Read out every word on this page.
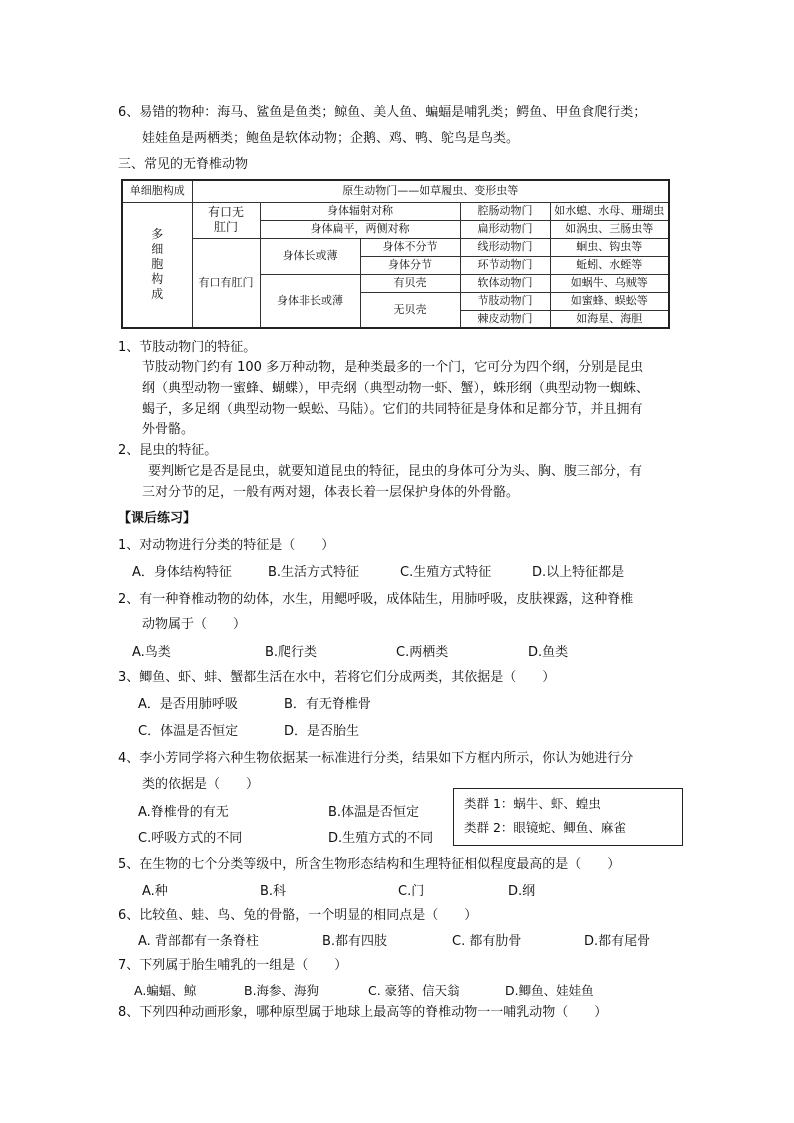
6、易错的物种：海马、鲨鱼是鱼类；鲸鱼、美人鱼、蝙蝠是哺乳类；鳄鱼、甲鱼食爬行类；
娃娃鱼是两栖类；鲍鱼是软体动物；企鹅、鸡、鸭、鸵鸟是鸟类。
三、常见的无脊椎动物
单细胞构成	原生动物门——如草履虫、变形虫等				
多细胞构成	有口无肛门	身体辐射对称		腔肠动物门	如水螅、水母、珊瑚虫
		身体扁平，两侧对称		扁形动物门	如涡虫、三肠虫等
	有口有肛门	身体长或薄	身体不分节	线形动物门	蛔虫、钩虫等
			身体分节	环节动物门	蚯蚓、水蛭等
		身体非长或薄	有贝壳	软体动物门	如蜗牛、乌贼等
			无贝壳	节肢动物门	如蜜蜂、蜈蚣等
				棘皮动物门	如海星、海胆
1、节肢动物门的特征。
节肢动物门约有 100 多万种动物，是种类最多的一个门，它可分为四个纲，分别是昆虫
纲（典型动物一蜜蜂、蝴蝶），甲壳纲（典型动物一虾、蟹），蛛形纲（典型动物一蜘蛛、
蝎子，多足纲（典型动物一蜈蚣、马陆）。它们的共同特征是身体和足都分节，并且拥有
外骨骼。
2、昆虫的特征。
要判断它是否是昆虫，就要知道昆虫的特征，昆虫的身体可分为头、胸、腹三部分，有
三对分节的足，一般有两对翅，体表长着一层保护身体的外骨骼。
【课后练习】
1、对动物进行分类的特征是（　　）
A．身体结构特征	B.生活方式特征	C.生殖方式特征	D.以上特征都是
2、有一种脊椎动物的幼体，水生，用鳃呼吸，成体陆生，用肺呼吸，皮肤裸露，这种脊椎
动物属于（　　）
A.鸟类	B.爬行类	C.两栖类	D.鱼类
3、鲫鱼、虾、蚌、蟹都生活在水中，若将它们分成两类，其依据是（　　）
A．是否用肺呼吸	B．有无脊椎骨
C．体温是否恒定	D．是否胎生
4、李小芳同学将六种生物依据某一标准进行分类，结果如下方框内所示，你认为她进行分
类的依据是（　　）
A.脊椎骨的有无	B.体温是否恒定
C.呼吸方式的不同	D.生殖方式的不同
类群 1：蜗牛、虾、蝗虫
类群 2：眼镜蛇、鲫鱼、麻雀
5、在生物的七个分类等级中，所含生物形态结构和生理特征相似程度最高的是（　　）
A.种	B.科	C.门	D.纲
6、比较鱼、蛙、鸟、兔的骨骼，一个明显的相同点是（　　）
A. 背部都有一条脊柱	B.都有四肢	C. 都有肋骨	D.都有尾骨
7、下列属于胎生哺乳的一组是（　　）
A.蝙蝠、鲸	B.海参、海狗	C. 豪猪、信天翁	D.鲫鱼、娃娃鱼
8、下列四种动画形象，哪种原型属于地球上最高等的脊椎动物一一哺乳动物（　　）
